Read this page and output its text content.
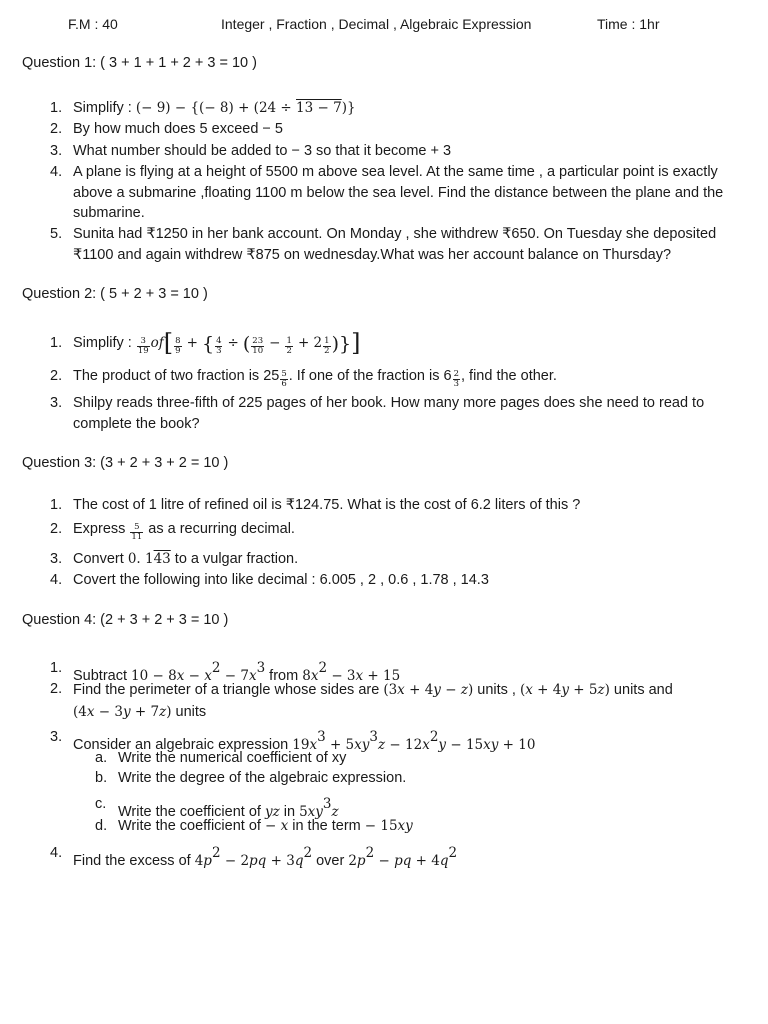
F.M : 40	Integer , Fraction , Decimal , Algebraic Expression	Time : 1hr
Question 1: ( 3 + 1 + 1 + 2 + 3 = 10 )
1. Simplify : (− 9) − {(− 8) + (24 ÷ 13 − 7)}
2. By how much does 5 exceed − 5
3. What number should be added to − 3 so that it become + 3
4. A plane is flying at a height of 5500 m above sea level. At the same time , a particular point is exactly above a submarine ,floating 1100 m below the sea level. Find the distance between the plane and the submarine.
5. Sunita had ₹1250 in her bank account. On Monday , she withdrew ₹650. On Tuesday she deposited ₹1100 and again withdrew ₹875 on wednesday.What was her account balance on Thursday?
Question 2: ( 5 + 2 + 3 = 10 )
1. Simplify : $\frac{3}{19} of[ \frac{8}{9}$ + { $\frac{4}{3}$ ÷ ( $\frac{23}{10} - \frac{1}{2} + 2 \frac{1}{2}$ )}]
2. The product of two fraction is $25 \frac{5}{6}$ . If one of the fraction is $6 \frac{2}{3}$ , find the other.
3. Shilpy reads three-fifth of 225 pages of her book. How many more pages does she need to read to complete the book?
Question 3: (3 + 2 + 3 + 2 = 10 )
1. The cost of 1 litre of refined oil is ₹124.75. What is the cost of 6.2 liters of this ?
2. Express $\frac{5}{11}$ as a recurring decimal.
3. Convert 0. 143 to a vulgar fraction.
4. Covert the following into like decimal : 6.005 , 2 , 0.6 , 1.78 , 14.3
Question 4: (2 + 3 + 2 + 3 = 10 )
1. Subtract $10 - 8x - x^2 - 7x^3$ from $8x^2 - 3x + 15$
2. Find the perimeter of a triangle whose sides are (3x + 4y − z) units , (x + 4y + 5z) units and
(4x − 3y + 7z) units
3. Consider an algebraic expression $19x^3 + 5xy^3z - 12x^2y - 15xy + 10$
a. Write the numerical coefficient of xy
b. Write the degree of the algebraic expression.
c. Write the coefficient of yz in $5xy^3z$
d. Write the coefficient of − x in the term − 15xy
4. Find the excess of $4p^2 - 2pq + 3q^2$ over $2p^2$ − pq + $4q^2$
